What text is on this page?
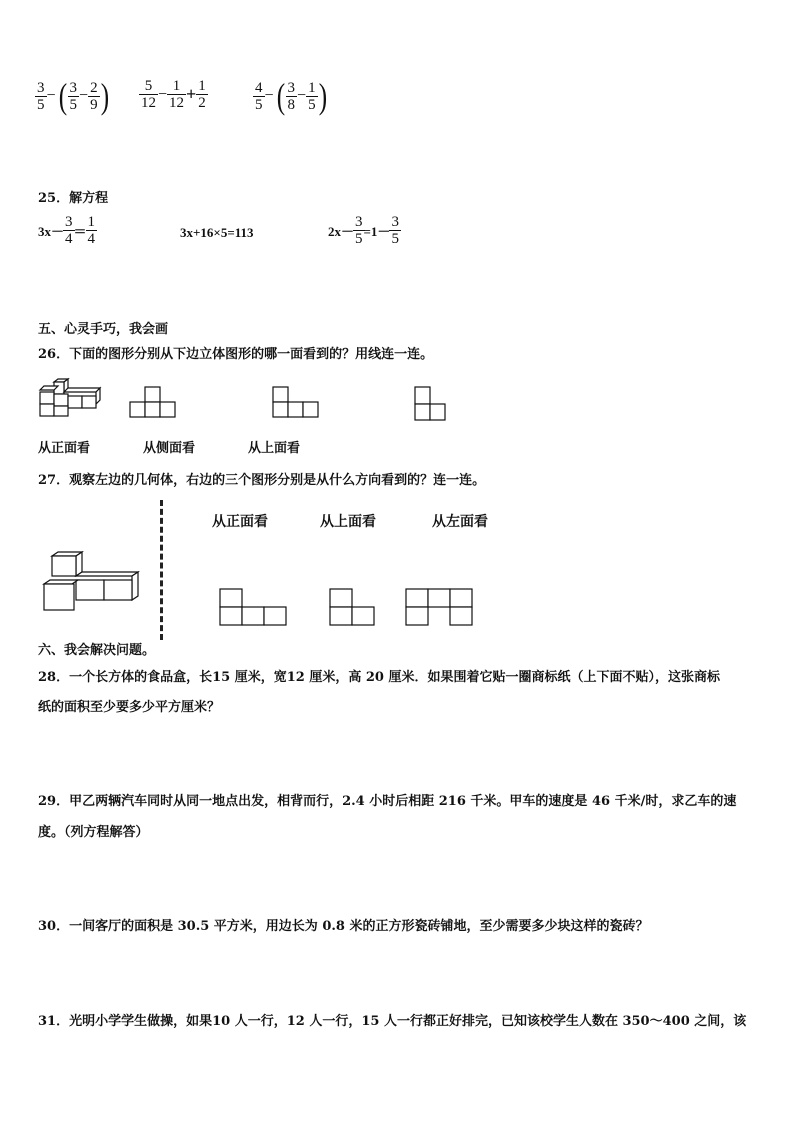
$\frac{3}{5}$ − ( $\frac{3}{5} - \frac{2}{9}$ ) $\frac{5}{12} - \frac{1}{12} + \frac{1}{2}$	$\frac{4}{5}$ − ( $\frac{3}{8} - \frac{1}{5}$ )
25．解方程
$3x- \frac{3}{4} = \frac{1}{4}$	3x+16×5=113	$2x- \frac{3}{5} =1- \frac{3}{5}$
五、心灵手巧，我会画
26．下面的图形分别从下边立体图形的哪一面看到的？用线连一连。
从正面看	从侧面看	从上面看
27．观察左边的几何体，右边的三个图形分别是从什么方向看到的？连一连。
从正面看	从上面看	从左面看
六、我会解决问题。
28．一个长方体的食品盒，长15 厘米，宽12 厘米，高 20 厘米．如果围着它贴一圈商标纸（上下面不贴），这张商标
纸的面积至少要多少平方厘米？
29．甲乙两辆汽车同时从同一地点出发，相背而行，2.4 小时后相距 216 千米。甲车的速度是 46 千米/时，求乙车的速
度。（列方程解答）
30．一间客厅的面积是 30.5 平方米，用边长为 0.8 米的正方形瓷砖铺地，至少需要多少块这样的瓷砖？
31．光明小学学生做操，如果10 人一行，12 人一行，15 人一行都正好排完，已知该校学生人数在 350～400 之间，该
